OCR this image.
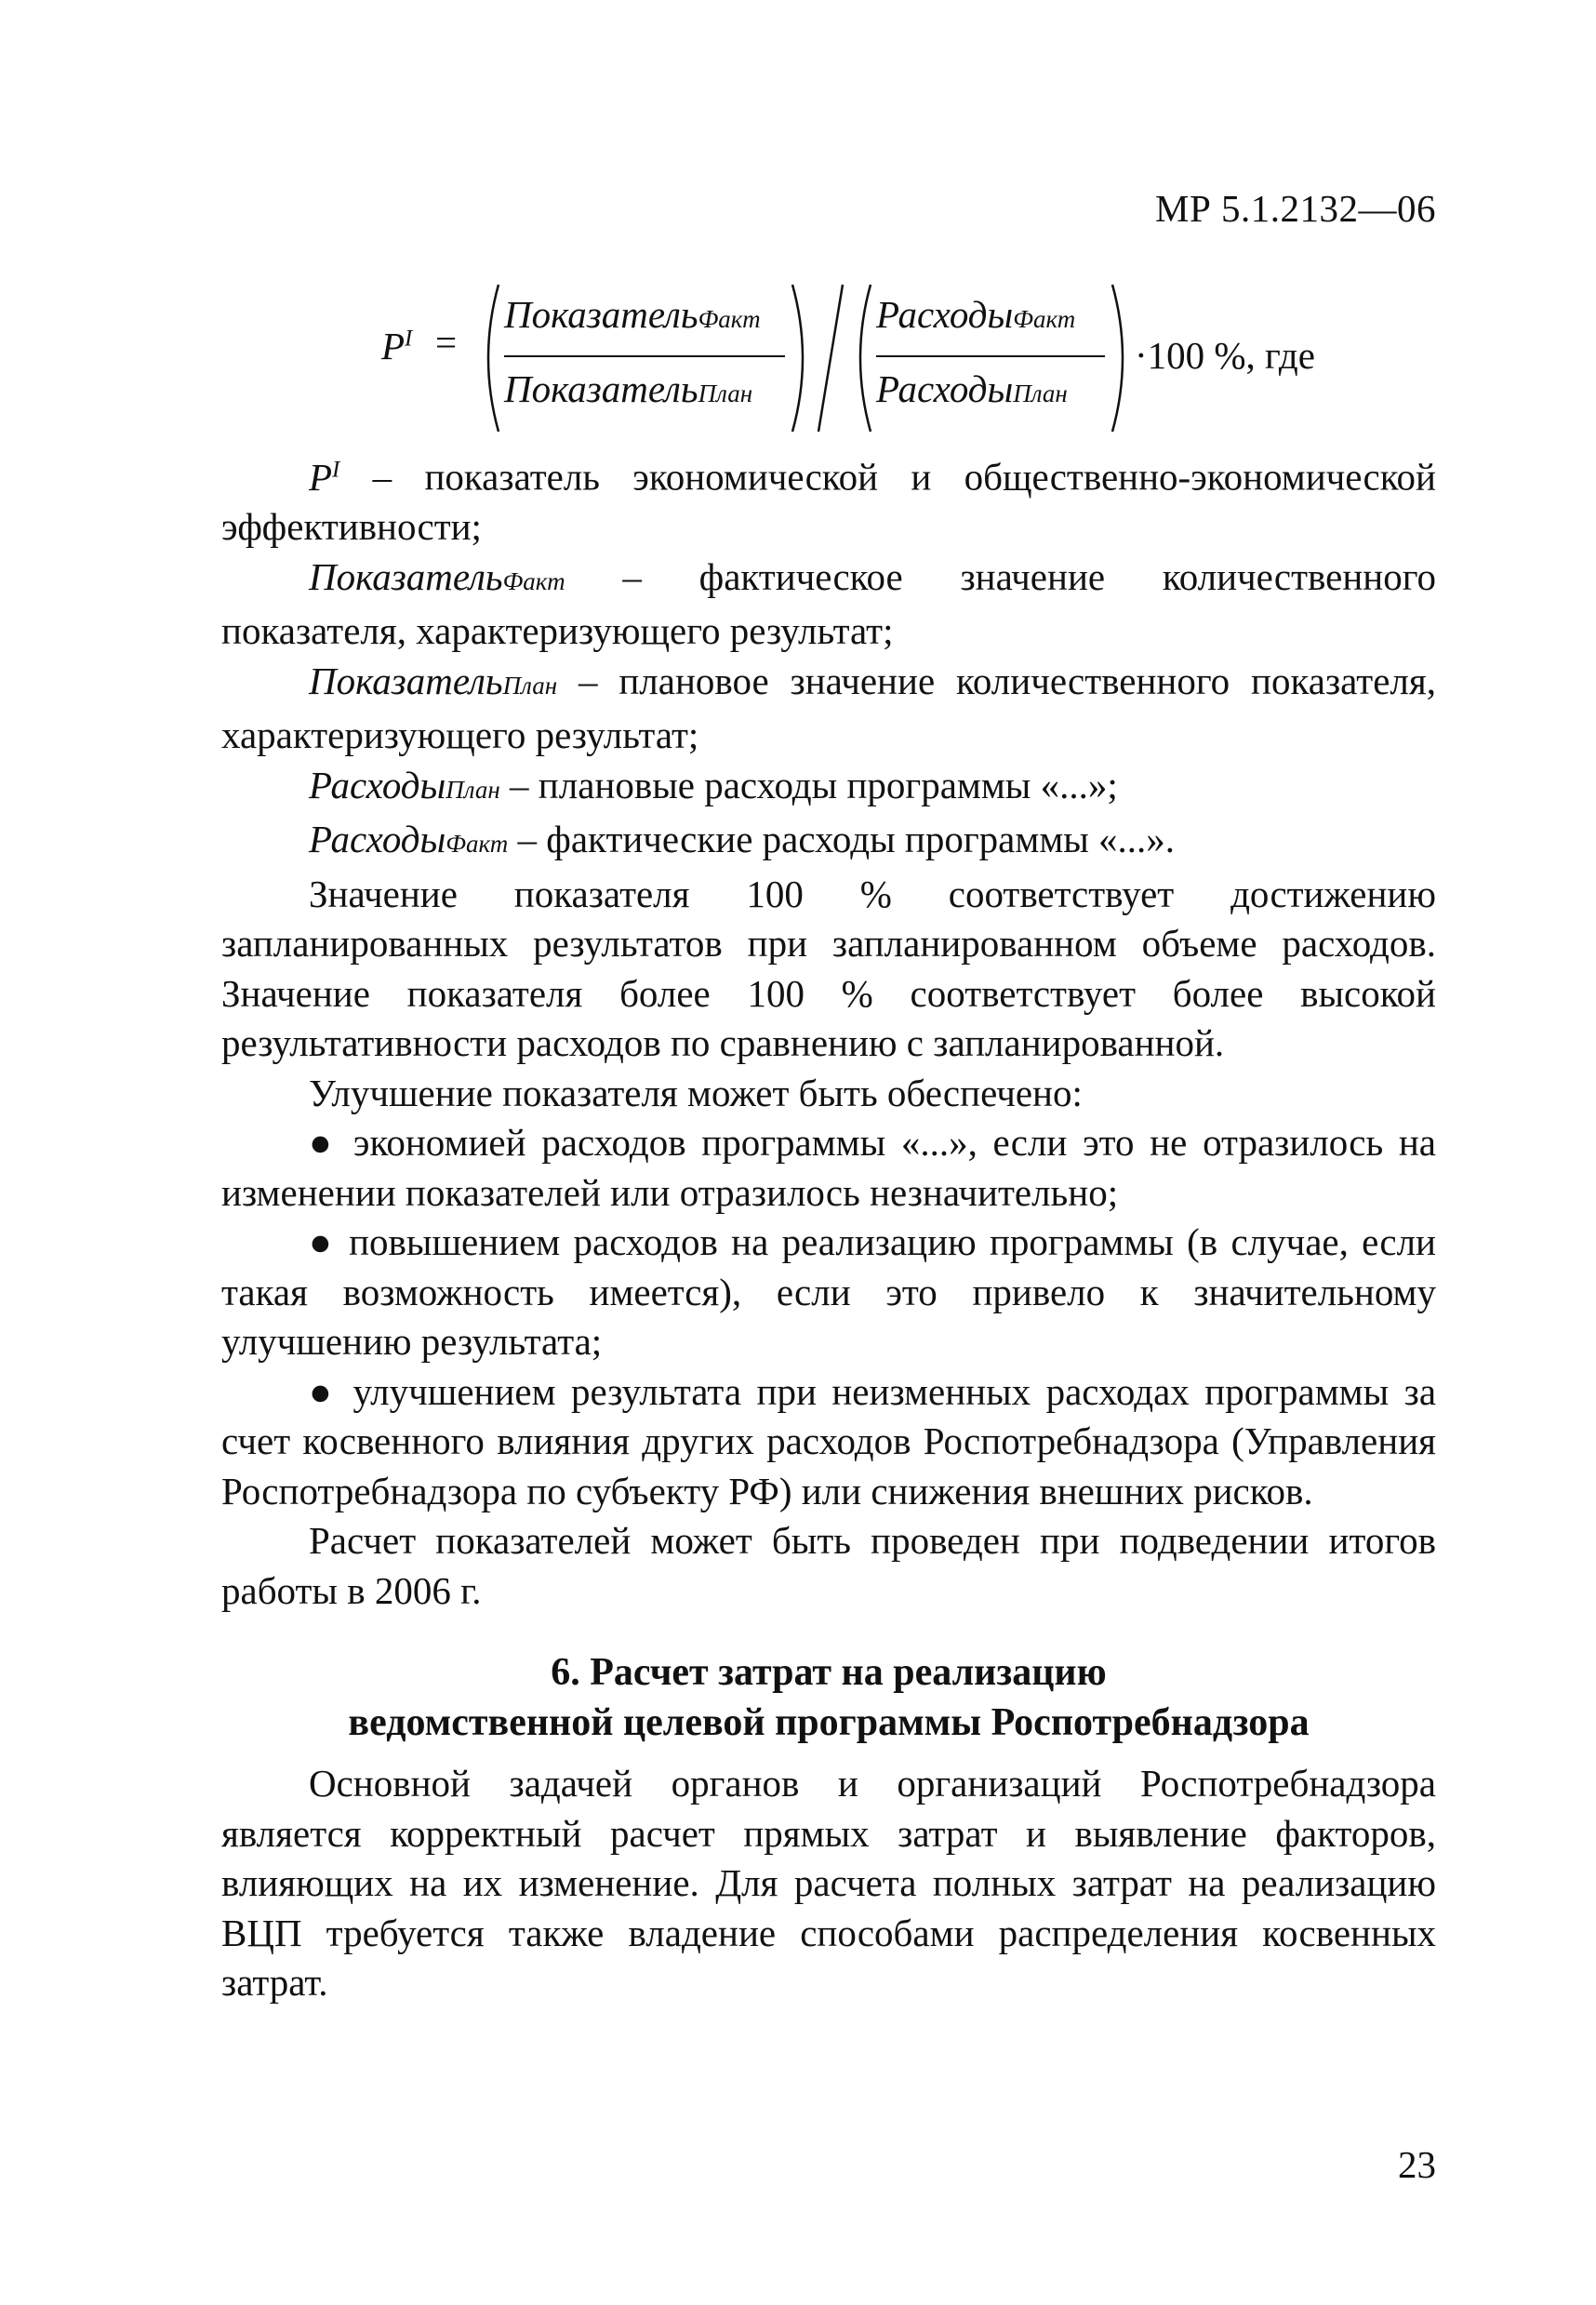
МР 5.1.2132—06

$P^I$ =
ПоказательФакт
ПоказательПлан
РасходыФакт
РасходыПлан
·100 %, где

$P^I$ – показатель экономической и общественно-экономической эффективности;

ПоказательФакт – фактическое значение количественного показателя, характеризующего результат;

ПоказательПлан – плановое значение количественного показателя, характеризующего результат;

РасходыПлан – плановые расходы программы «...»;

РасходыФакт – фактические расходы программы «...».

Значение показателя 100 % соответствует достижению запланированных результатов при запланированном объеме расходов. Значение показателя более 100 % соответствует более высокой результативности расходов по сравнению с запланированной.

Улучшение показателя может быть обеспечено:

● экономией расходов программы «...», если это не отразилось на изменении показателей или отразилось незначительно;

● повышением расходов на реализацию программы (в случае, если такая возможность имеется), если это привело к значительному улучшению результата;

● улучшением результата при неизменных расходах программы за счет косвенного влияния других расходов Роспотребнадзора (Управления Роспотребнадзора по субъекту РФ) или снижения внешних рисков.

Расчет показателей может быть проведен при подведении итогов работы в 2006 г.

6. Расчет затрат на реализацию
ведомственной целевой программы Роспотребнадзора

Основной задачей органов и организаций Роспотребнадзора является корректный расчет прямых затрат и выявление факторов, влияющих на их изменение. Для расчета полных затрат на реализацию ВЦП требуется также владение способами распределения косвенных затрат.

23
